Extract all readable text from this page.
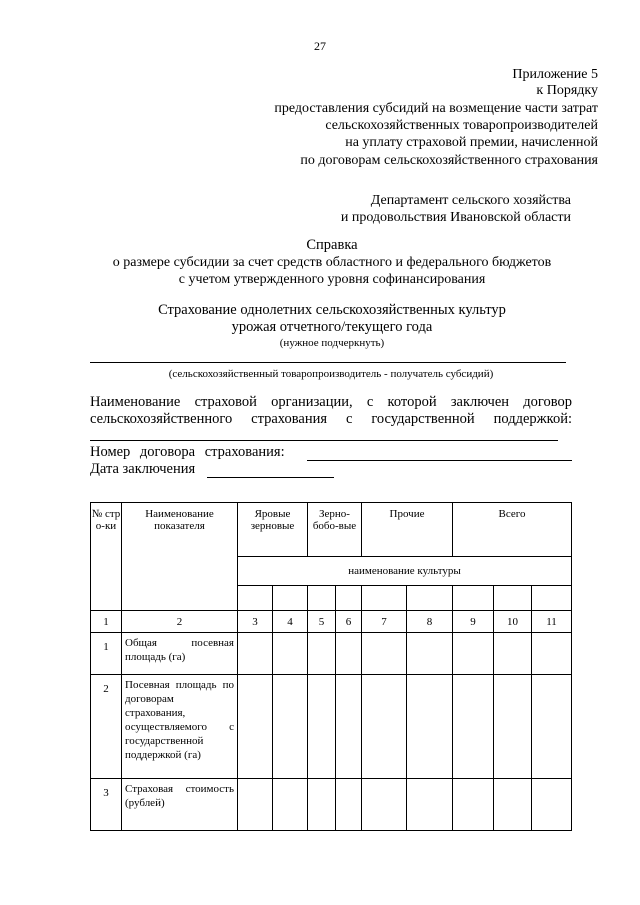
27
Приложение 5
к Порядку
предоставления субсидий на возмещение части затрат
сельскохозяйственных товаропроизводителей
на уплату страховой премии, начисленной
по договорам сельскохозяйственного страхования
Департамент сельского хозяйства
и продовольствия Ивановской области
Справка
о размере субсидии за счет средств областного и федерального бюджетов
с учетом утвержденного уровня софинансирования
Страхование однолетних сельскохозяйственных культур
урожая отчетного/текущего года
(нужное подчеркнуть)
(сельскохозяйственный товаропроизводитель - получатель субсидий)
Наименование страховой организации, с которой заключен договор сельскохозяйственного страхования с государственной поддержкой:
Номер договора страхования:
Дата заключения
№ стро-ки	Наименование показателя	Яровые зерновые		Зерно-бобо-вые		Прочие		Всего		
		наименование культуры								

1	2	3	4	5	6	7	8	9	10	11
1	Общая посевная площадь (га)									
2	Посевная площадь по договорам страхования, осуществляемого с государственной поддержкой (га)									
3	Страховая стоимость (рублей)									
